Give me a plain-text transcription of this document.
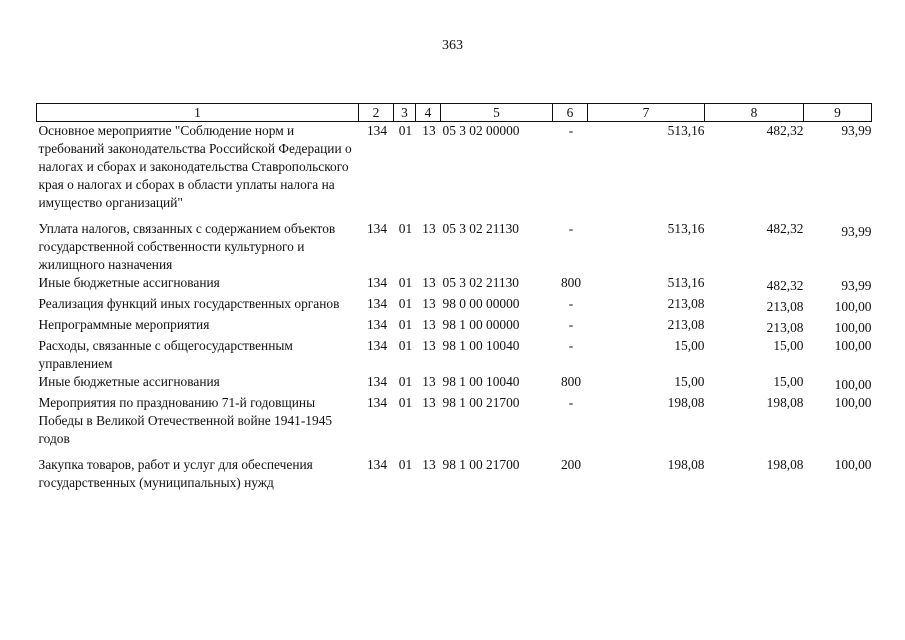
363
1	2	3	4	5	6	7	8	9
Основное мероприятие "Соблюдение норм и требований законодательства Российской Федерации о налогах и сборах и законодательства Ставропольского края о налогах и сборах в области уплаты налога на имущество организаций"	134	01	13	05 3 02 00000	-	513,16	482,32	93,99
Уплата налогов, связанных с содержанием объектов государственной собственности культурного и жилищного назначения	134	01	13	05 3 02 21130	-	513,16	482,32	93,99
Иные бюджетные ассигнования	134	01	13	05 3 02 21130	800	513,16	482,32	93,99
Реализация функций иных государственных органов	134	01	13	98 0 00 00000	-	213,08	213,08	100,00
Непрограммные мероприятия	134	01	13	98 1 00 00000	-	213,08	213,08	100,00
Расходы, связанные с общегосударственным управлением	134	01	13	98 1 00 10040	-	15,00	15,00	100,00
Иные бюджетные ассигнования	134	01	13	98 1 00 10040	800	15,00	15,00	100,00
Мероприятия по празднованию 71-й годовщины Победы в Великой Отечественной войне 1941-1945 годов	134	01	13	98 1 00 21700	-	198,08	198,08	100,00
Закупка товаров, работ и услуг для обеспечения государственных (муниципальных) нужд	134	01	13	98 1 00 21700	200	198,08	198,08	100,00
